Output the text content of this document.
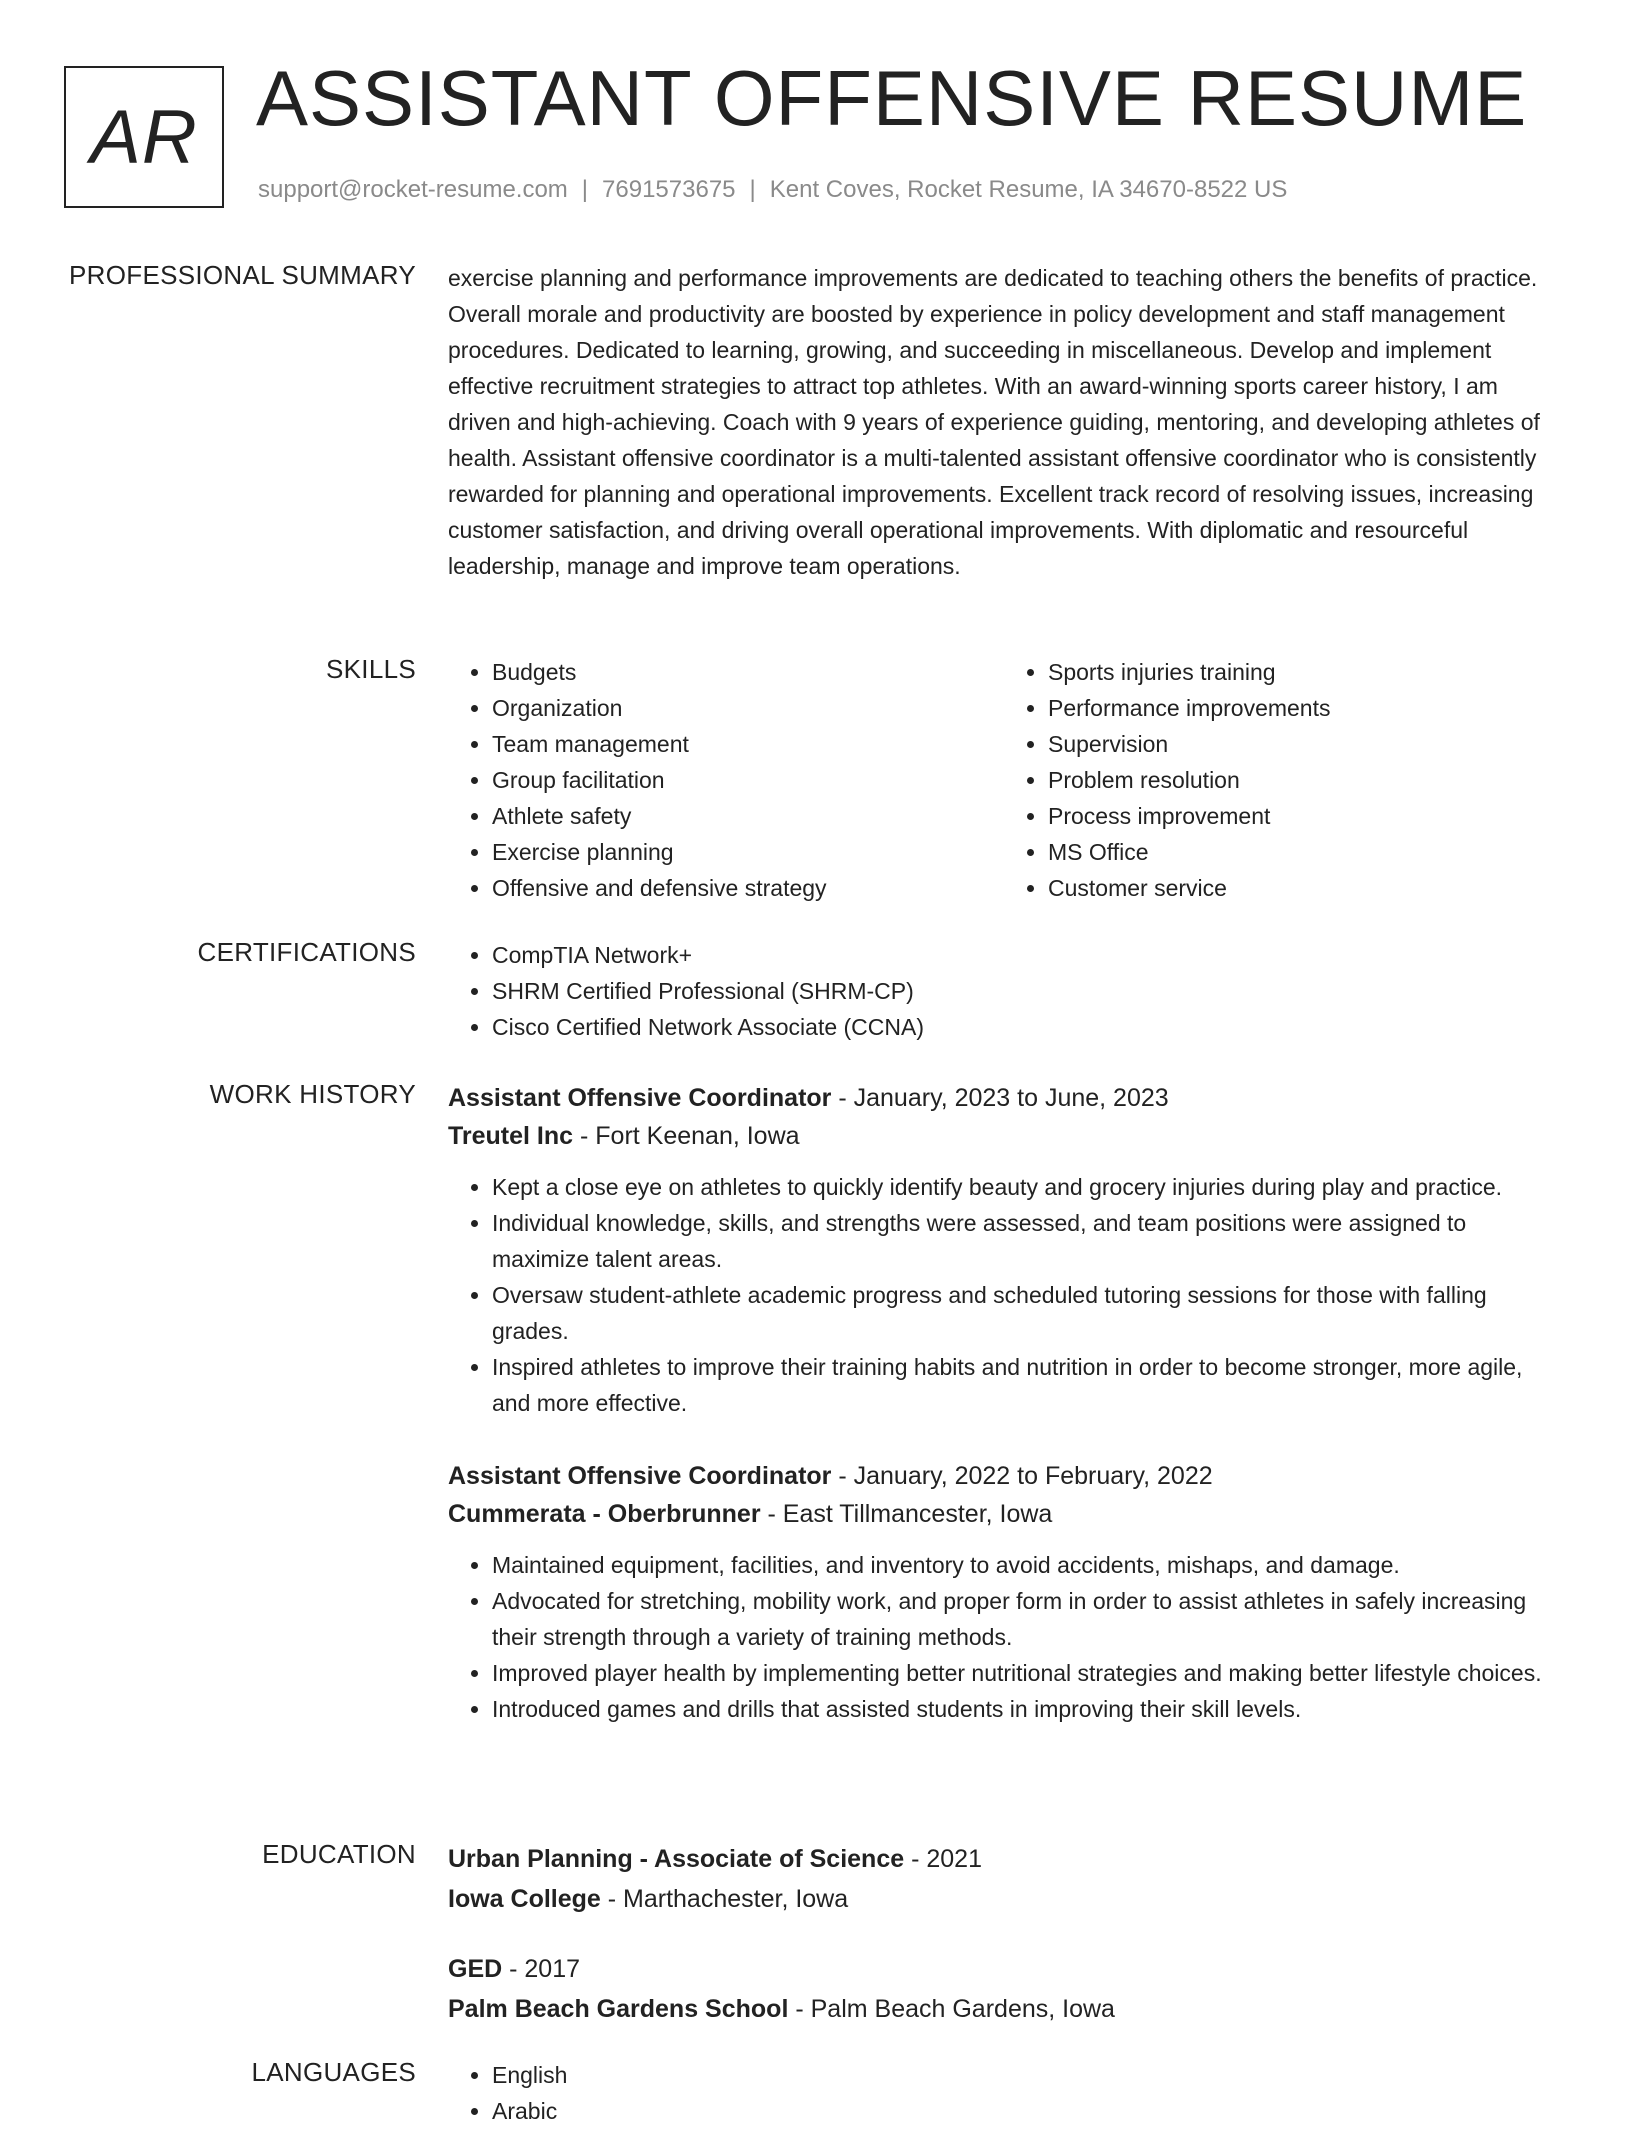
AR ASSISTANT OFFENSIVE RESUME
support@rocket-resume.com | 7691573675 | Kent Coves, Rocket Resume, IA 34670-8522 US
PROFESSIONAL SUMMARY exercise planning and performance improvements are dedicated to teaching others the benefits of practice. Overall morale and productivity are boosted by experience in policy development and staff management procedures. Dedicated to learning, growing, and succeeding in miscellaneous. Develop and implement effective recruitment strategies to attract top athletes. With an award-winning sports career history, I am driven and high-achieving. Coach with 9 years of experience guiding, mentoring, and developing athletes of health. Assistant offensive coordinator is a multi-talented assistant offensive coordinator who is consistently rewarded for planning and operational improvements. Excellent track record of resolving issues, increasing customer satisfaction, and driving overall operational improvements. With diplomatic and resourceful leadership, manage and improve team operations.

SKILLS	• Budgets
• Organization
• Team management
• Group facilitation
• Athlete safety
• Exercise planning
• Offensive and defensive strategy
• Sports injuries training
• Performance improvements
• Supervision
• Problem resolution
• Process improvement
• MS Office
• Customer service
CERTIFICATIONS	• CompTIA Network+
• SHRM Certified Professional (SHRM-CP)
• Cisco Certified Network Associate (CCNA)
WORK HISTORY Assistant Offensive Coordinator - January, 2023 to June, 2023
Treutel Inc - Fort Keenan, Iowa
• Kept a close eye on athletes to quickly identify beauty and grocery injuries during play and practice.
• Individual knowledge, skills, and strengths were assessed, and team positions were assigned to maximize talent areas.
• Oversaw student-athlete academic progress and scheduled tutoring sessions for those with falling grades.
• Inspired athletes to improve their training habits and nutrition in order to become stronger, more agile, and more effective.
Assistant Offensive Coordinator - January, 2022 to February, 2022
Cummerata - Oberbrunner - East Tillmancester, Iowa
• Maintained equipment, facilities, and inventory to avoid accidents, mishaps, and damage.
• Advocated for stretching, mobility work, and proper form in order to assist athletes in safely increasing their strength through a variety of training methods.
• Improved player health by implementing better nutritional strategies and making better lifestyle choices.
• Introduced games and drills that assisted students in improving their skill levels.
EDUCATION Urban Planning - Associate of Science - 2021
Iowa College - Marthachester, Iowa
GED - 2017
Palm Beach Gardens School - Palm Beach Gardens, Iowa
LANGUAGES	• English
• Arabic
